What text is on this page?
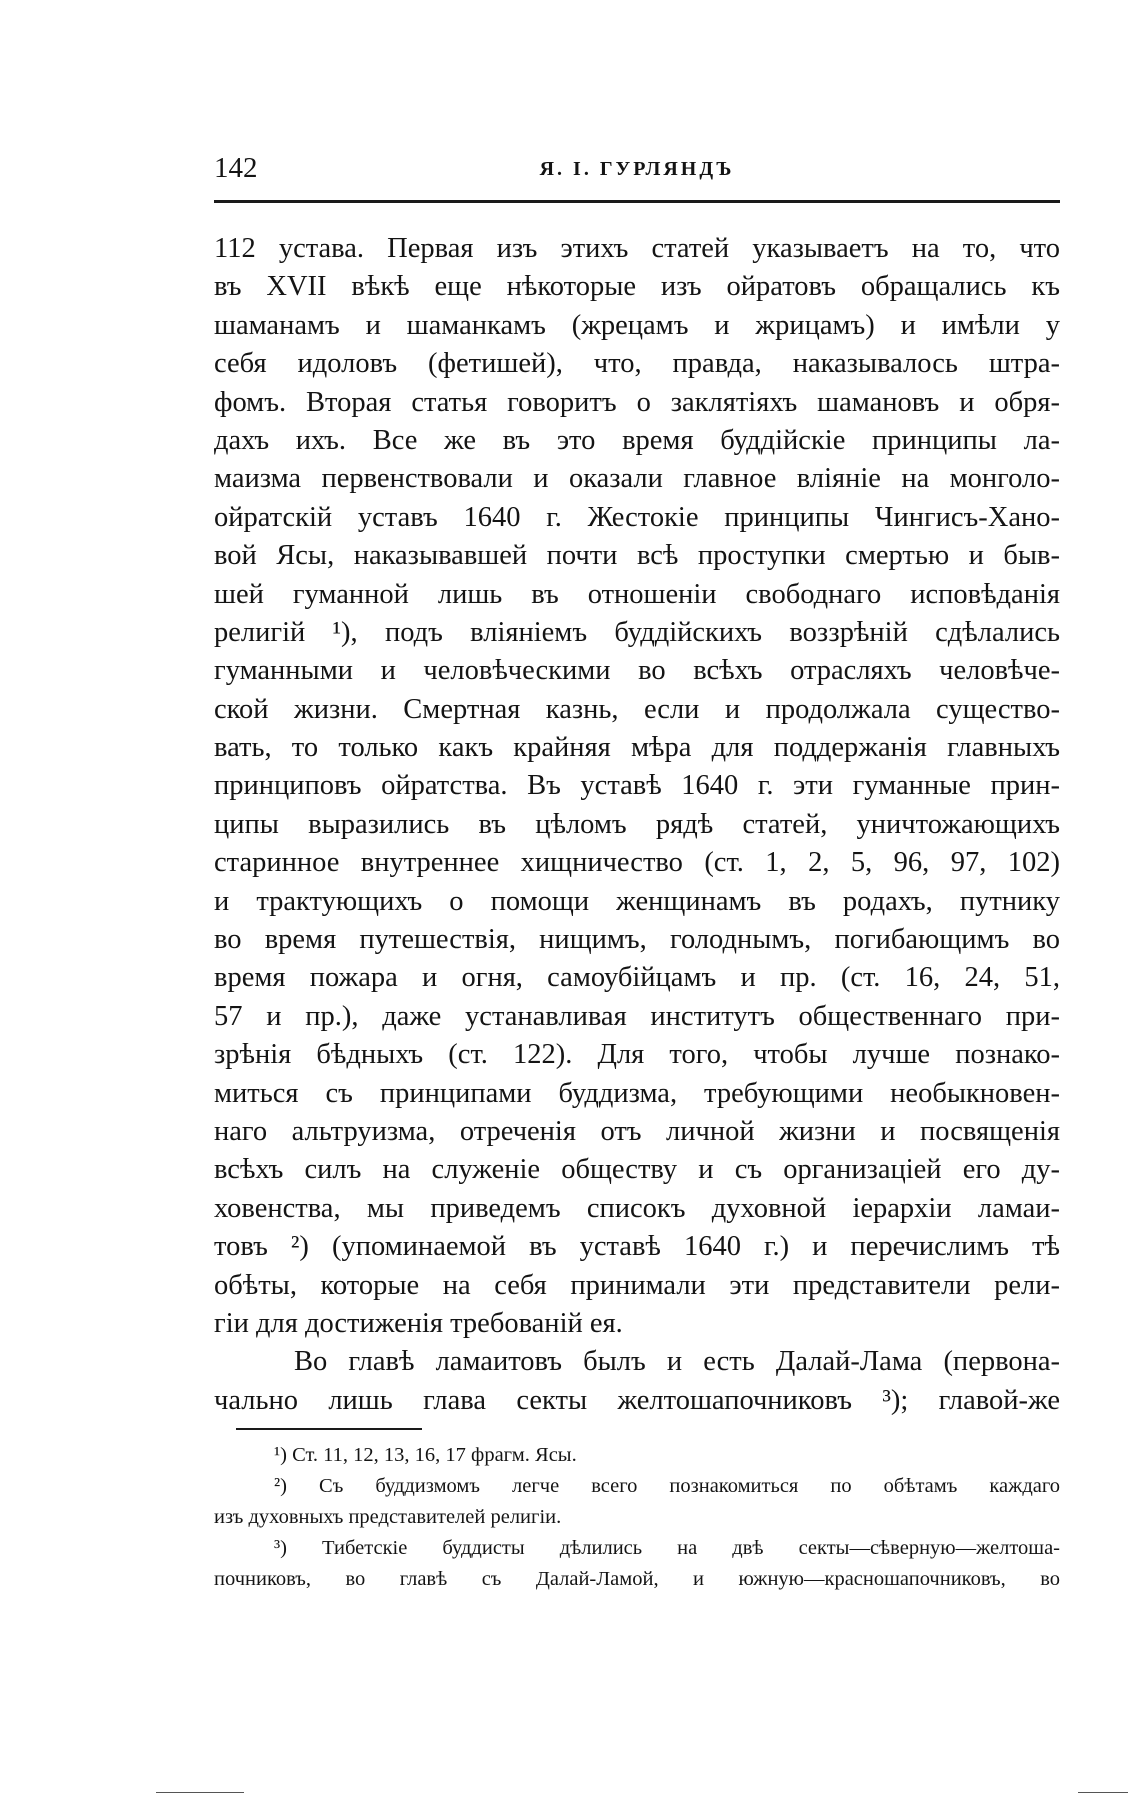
142	Я. І. ГУРЛЯНДЪ
112 устава. Первая изъ этихъ статей указываетъ на то, что
въ XVII вѣкѣ еще нѣкоторые изъ ойратовъ обращались къ
шаманамъ и шаманкамъ (жрецамъ и жрицамъ) и имѣли у
себя идоловъ (фетишей), что, правда, наказывалось штра-
фомъ. Вторая статья говоритъ о заклятіяхъ шамановъ и обря-
дахъ ихъ. Все же въ это время буддійскіе принципы ла-
маизма первенствовали и оказали главное вліяніе на монголо-
ойратскій уставъ 1640 г. Жестокіе принципы Чингисъ-Хано-
вой Ясы, наказывавшей почти всѣ проступки смертью и быв-
шей гуманной лишь въ отношеніи свободнаго исповѣданія
религій ¹), подъ вліяніемъ буддійскихъ воззрѣній сдѣлались
гуманными и человѣческими во всѣхъ отрасляхъ человѣче-
ской жизни. Смертная казнь, если и продолжала существо-
вать, то только какъ крайняя мѣра для поддержанія главныхъ
принциповъ ойратства. Въ уставѣ 1640 г. эти гуманные прин-
ципы выразились въ цѣломъ рядѣ статей, уничтожающихъ
старинное внутреннее хищничество (ст. 1, 2, 5, 96, 97, 102)
и трактующихъ о помощи женщинамъ въ родахъ, путнику
во время путешествія, нищимъ, голоднымъ, погибающимъ во
время пожара и огня, самоубійцамъ и пр. (ст. 16, 24, 51,
57 и пр.), даже устанавливая институтъ общественнаго при-
зрѣнія бѣдныхъ (ст. 122). Для того, чтобы лучше познако-
миться съ принципами буддизма, требующими необыкновен-
наго альтруизма, отреченія отъ личной жизни и посвященія
всѣхъ силъ на служеніе обществу и съ организаціей его ду-
ховенства, мы приведемъ списокъ духовной іерархіи ламаи-
товъ ²) (упоминаемой въ уставѣ 1640 г.) и перечислимъ тѣ
обѣты, которые на себя принимали эти представители рели-
гіи для достиженія требованій ея.
Во главѣ ламаитовъ былъ и есть Далай-Лама (первона-
чально лишь глава секты желтошапочниковъ ³); главой-же
¹) Ст. 11, 12, 13, 16, 17 фрагм. Ясы.
²) Съ буддизмомъ легче всего познакомиться по обѣтамъ каждаго
изъ духовныхъ представителей религіи.
³) Тибетскіе буддисты дѣлились на двѣ секты—сѣверную—желтоша-
почниковъ, во главѣ съ Далай-Ламой, и южную—красношапочниковъ, во
